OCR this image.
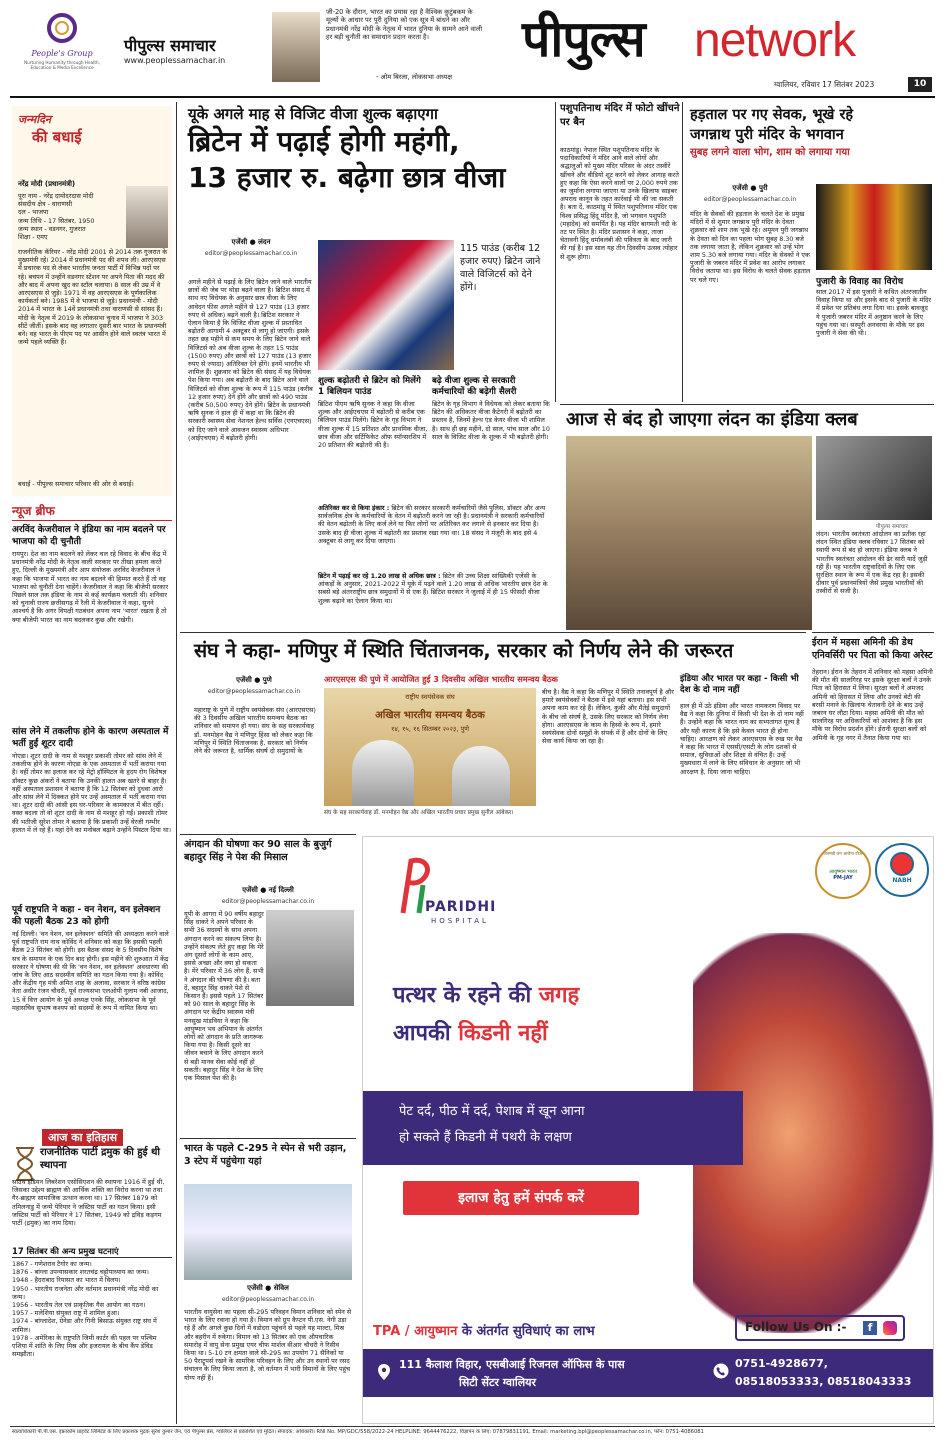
People's Group
Nurturing Humanity through Health, Education & Media Excellence
पीपुल्स समाचार
www.peoplessamachar.in
जी-20 के दौरान, भारत का प्रयास रहा है वैश्विक कुटुंबकम के मूल्यों के आधार पर पूरी दुनिया को एक सूत्र में बांधने का और प्रधानमंत्री नरेंद्र मोदी के नेतृत्व में भारत दुनिया के सामने आने वाली हर बड़ी चुनौती का समाधान प्रदान करता है।
- ओम बिरला, लोकसभा अध्यक्ष
पीपुल्स network
ग्वालियर, रविवार 17 सितंबर 2023	10
जन्मदिन
की बधाई
नरेंद्र मोदी (प्रधानमंत्री)
पूरा नाम - नरेंद्र दामोदरदास मोदी
संसदीय क्षेत्र - वाराणसी
दल - भाजपा
जन्म तिथि - 17 सितंबर, 1950
जन्म स्थान - वडनगर, गुजरात
शिक्षा - एमए
राजनीतिक कॅरियर - नरेंद्र मोदी 2001 से 2014 तक गुजरात के मुख्यमंत्री रहे। 2014 में प्रधानमंत्री पद की शपथ ली। आरएसएस में प्रचारक पद से लेकर भारतीय जनता पार्टी में विभिन्न पदों पर रहे। बचपन में उन्होंने वडनगर स्टेशन पर अपने पिता की मदद की और बाद में अपना खुद का स्टॉल चलाया। 8 साल की उम्र में वे आरएसएस से जुड़े। 1971 में वह आरएसएस के पूर्णकालिक कार्यकर्ता बने। 1985 में वे भाजपा से जुड़े। प्रधानमंत्री - मोदी 2014 में भारत के 14वें प्रधानमंत्री तथा वाराणसी से सांसद हैं। मोदी के नेतृत्व में 2019 के लोकसभा चुनाव में भाजपा ने 303 सीटें जीतीं। इसके बाद वह लगातार दूसरी बार भारत के प्रधानमंत्री बने। वह भारत के पीएम पद पर आसीन होने वाले स्वतंत्र भारत में जन्मे पहले व्यक्ति हैं।
बधाई - पीपुल्स समाचार परिवार की ओर से बधाई।
न्यूज ब्रीफ
अरविंद केजरीवाल ने इंडिया का नाम बदलने पर भाजपा को दी चुनौती
रायपुर। देश का नाम बदलने को लेकर चल रहे विवाद के बीच केंद्र में प्रधानमंत्री नरेंद्र मोदी के नेतृत्व वाली सरकार पर तीखा हमला करते हुए, दिल्ली के मुख्यमंत्री और आप संयोजक अरविंद केजरीवाल ने कहा कि भाजपा में भारत का नाम बदलने की हिम्मत करते हैं तो वह भाजपा को चुनौती देना चाहेंगे। केजरीवाल ने कहा कि बीजेपी सरकार पिछले साल तक इंडिया के नाम से कई कार्यक्रम चलाती थी। शनिवार को चुनावी राज्य छत्तीसगढ़ में रैली में केजरीवाल ने कहा, सुनने आश्चर्य है कि अगर विपक्षी गठबंधन अपना नाम 'भारत' रखता है तो क्या बीजेपी भारत का नाम बदलकर कुछ और रखेगी।
सांस लेने में तकलीफ होने के कारण अस्पताल में भर्ती हुईं शूटर दादी
नोएडा। शूटर दादी के नाम से मशहूर प्रकाशी तोमर को सांस लेने में तकलीफ होने के कारण नोएडा के एक अस्पताल में भर्ती कराया गया है। वहीं तोमर का इलाज कर रहे मेट्रो हॉस्पिटल के हृदय रोग विशेषज्ञ डॉक्टर कुछ अंकरों ने बताया कि उनकी हालत अब खतरे से बाहर है। वहीं अस्पताल प्रशासन ने बताया है कि 12 सितंबर को दुधवा आरो और सांस लेने में दिक्कत होने पर उन्हें अस्पताल में भर्ती कराया गया था। शूटर दादी की आंसी इस घर-परिवार के कामकाज में बीत रहीं। वक्त बदला तो वो शूटर दादी के नाम से मशहूर हो गईं। प्रकाशी तोमर की भतीजी सुरेश तोमर ने बताया है कि प्रकाशी उन्हें वेरजी गम्भीर हालत में ले रहे हैं। यहां देने का मनोबल बढ़ाने उन्होंने पिस्टल दिया था।
पूर्व राष्ट्रपति ने कहा - वन नेशन, वन इलेक्शन की पहली बैठक 23 को होगी
नई दिल्ली। 'वन नेशन, वन इलेक्शन' समिति की अध्यक्षता करने वाले पूर्व राष्ट्रपति राम नाथ कोविंद ने शनिवार को कहा कि इसकी पहली बैठक 23 सितंबर को होगी। इस बैठक संसद के 5 दिवसीय विशेष सत्र के समापन के एक दिन बाद होगी। इस महीने की शुरुआत में केंद्र सरकार ने घोषणा की थी कि 'वन नेशन, वन इलेक्शन' अवधारणा की जांच के लिए आठ सदस्यीय समिति का गठन किया गया है। कोविंद और केंद्रीय गृह मंत्री अमित शाह के अलावा, सरकार ने वरिष्ठ कांग्रेस नेता अधीर रंजन चौधरी, पूर्व राज्यसभा एलओपी गुलाम नबी आजाद, 15 वें वित्त आयोग के पूर्व अध्यक्ष एनके सिंह, लोकसभा के पूर्व महासचिव सुभाष कश्यप को सदस्यों के रूप में नामित किया था।
आज का इतिहास
राजनीतिक पार्टी द्रमुक की हुई थी स्थापना
साउथ इंडियन लिबरेशन एसोसिएशन की स्थापना 1916 में हुई थी, जिसका उद्देश्य ब्राह्मण की आर्थिक शक्ति का विरोध करना था तथा गैर-ब्राह्मण सामाजिक उत्थान करना था। 17 सितंबर 1879 को तमिलनाडु में जन्मे पेरियार ने जस्टिस पार्टी का गठन किया। इसी जस्टिस पार्टी को पेरियार ने 17 सितंबर, 1949 को द्रविड़ कड़गम पार्टी (द्रमुक) का नाम दिया।
17 सितंबर की अन्य प्रमुख घटनाएं
1867 - गणेशराव टैगोर का जन्म।
1876 - बांग्ला उपन्यासकार शरतचंद्र चट्टोपाध्याय का जन्म।
1948 - हैदराबाद रियासत का भारत में विलय।
1950 - भारतीय राजनेता और वर्तमान प्रधानमंत्री नरेंद्र मोदी का जन्म।
1956 - भारतीय तेल एवं प्राकृतिक गैस आयोग का गठन।
1957 - मलेशिया संयुक्त राष्ट्र में शामिल हुआ।
1974 - बांग्लादेश, ग्रेनेडा और गिनी बिसाऊ संयुक्त राष्ट्र संघ में शामिल।
1978 - अमेरिका के राष्ट्रपति जिमी कार्टर की पहल पर पश्चिम एशिया में शांति के लिए मिस्र और इजरायल के बीच कैंप डेविड समझौता।
यूके अगले माह से विजिट वीजा शुल्क बढ़ाएगा
ब्रिटेन में पढ़ाई होगी महंगी,
13 हजार रु. बढ़ेगा छात्र वीजा
एजेंसी ● लंदन
editor@peoplessamachar.co.in	115 पाउंड (करीब 12 हजार रुपए) ब्रिटेन जाने वाले विजिटर्स को देने होंगे।
अगले महीने से पढ़ाई के लिए ब्रिटेन जाने वाले भारतीय छात्रों की जेब पर थोड़ा बढ़ने वाला है। ब्रिटिश संसद में साथ नए विधेयक के अनुसार छात्र वीजा के लिए आवेदन फीस अगले महीने से 127 पाउंड (13 हजार रुपए से अधिक) बढ़ने वाली है। ब्रिटिश सरकार ने ऐलान किया है कि विजिट वीजा शुल्क में प्रस्तावित बढ़ोतरी आगामी 4 अक्टूबर से लागू हो जाएगी। इसके तहत छह महीने से कम समय के लिए ब्रिटेन जाने वाले विजिटर्स को अब वीजा शुल्क के तहत 15 पाउंड (1500 रुपए) और छात्रों को 127 पाउंड (13 हजार रुपए से ज्यादा) अतिरिक्त देने होंगे। इनमें भारतीय भी शामिल हैं। शुक्रवार को ब्रिटेन की संसद में यह विधेयक पेश किया गया। अब बढ़ोतरी के बाद ब्रिटेन आने वाले विजिटर्स को वीजा शुल्क के रूप में 115 पाउंड (करीब 12 हजार रुपए) देने होंगे और छात्रों को 490 पाउंड (करीब 50,500 रुपए) देने होंगे। ब्रिटेन के प्रधानमंत्री ऋषि सुनक ने हाल ही में कहा था कि ब्रिटेन की सरकारी स्वास्थ्य सेवा नेशनल हेल्थ सर्विस (एनएचएस) को दिए जाने वाले आवजन स्वास्थ्य अधिभार (आईएचएस) में बढ़ोतरी होगी।
शुल्क बढ़ोतरी से ब्रिटेन को मिलेंगे 1 बिलियन पाउंड
ब्रिटिश पीएम ऋषि सुनक ने कहा कि वीजा शुल्क और आईएचएस में बढ़ोतरी से करीब एक बिलियन पाउंड मिलेंगे। ब्रिटेन के गृह विभाग ने वीजा शुल्क में 15 प्रतिशत और प्राथमिक वीजा, छात्र वीजा और सर्टिफिकेट ऑफ स्पॉन्सरशिप में 20 प्रतिशत की बढ़ोतरी की है।
बढ़े वीजा शुल्क से सरकारी कर्मचारियों की बढ़ेगी सैलरी
ब्रिटेन के गृह विभाग ने विधेयक को लेकर बताया कि ब्रिटेन की अधिकतर वीजा कैटेगरी में बढ़ोतरी का प्रस्ताव है, जिनमें हेल्थ एंड केयर वीजा भी शामिल है। साथ ही छह महीने, दो साल, पांच साल और 10 साल के विजिट वीजा के शुल्क में भी बढ़ोतरी होगी।
अतिरिक्त कर से किया इंकार : ब्रिटेन की सरकार सरकारी कर्मचारियों जैसे पुलिस, डॉक्टर और अन्य सार्वजनिक क्षेत्र के कर्मचारियों के वेतन में बढ़ोतरी करने जा रही है। प्रधानमंत्री ने सरकारी कर्मचारियों की वेतन बढ़ोतरी के लिए कर्ज लेने या फिर लोगों पर अतिरिक्त कर लगाने से इनकार कर दिया है। उसके बाद ही वीजा शुल्क में बढ़ोतरी का प्रस्ताव रखा गया था। 18 संसद ने मंजूरी के बाद इसे 4 अक्टूबर से लागू कर दिया जाएगा।
ब्रिटेन में पढ़ाई कर रहे 1.20 लाख से अधिक छात्र : ब्रिटेन की उच्च शिक्षा सांख्यिकी एजेंसी के आंकड़ों के अनुसार, 2021-2022 में यूके में पढ़ने वाले 1.20 लाख से अधिक भारतीय छात्र देश के सबसे बड़े अंतरराष्ट्रीय छात्र समुदायों में से एक हैं। ब्रिटिश सरकार ने जुलाई में ही 15 फीसदी वीजा शुल्क बढ़ाने का ऐलान किया था।
पशुपतिनाथ मंदिर में फोटो खींचने पर बैन
काठमांडू। नेपाल स्थित पशुपतिनाथ मंदिर के पदाधिकारियों ने मंदिर आने वाले लोगों और श्रद्धालुओं को मुख्य मंदिर परिसर के अंदर तस्वीरें खींचने और वीडियो शूट करने को लेकर आगाह करते हुए कहा कि ऐसा करने वालों पर 2,000 रुपये तक का जुर्माना लगाया जाएगा या उनके खिलाफ साइबर अपराध कानून के तहत कार्रवाई भी की जा सकती है। बता दें, काठमांडू में स्थित पशुपतिनाथ मंदिर एक विश्व प्रसिद्ध हिंदू मंदिर है, जो भगवान पशुपति (महादेव) को समर्पित है। यह मंदिर बागमती नदी के तट पर स्थित है। मंदिर प्रशासन ने कहा, ताजा चेतावनी हिंदू धर्मावलंबी की पवित्रता के बाद जारी की गई है। इस साल यह तीन दिवसीय उत्सव त्योहार से शुरू होगा।
हड़ताल पर गए सेवक, भूखे रहे
जगन्नाथ पुरी मंदिर के भगवान
सुबह लगने वाला भोग, शाम को लगाया गया
एजेंसी ● पुरी
editor@peoplessamachar.co.in
मंदिर के सेवकों की हड़ताल के चलते देश के प्रमुख मंदिरों में से शुमार जगन्नाथ पुरी मंदिर के देवता शुक्रवार को शाम तक भूखे रहे। अमूमन पुरी जगन्नाथ के देवता को दिन का पहला भोग सुबह 8.30 बजे तक लगाया जाता है, लेकिन शुक्रवार को उन्हें भोग शाम 5.30 बजे लगाया गया। मंदिर के सेवकों ने एक पुजारी के जबरन मंदिर में प्रवेश का आरोप लगाकर विरोध जताया था। इस विरोध के चलते सेवक हड़ताल पर चले गए।	पुजारी के विवाह का विरोध
साल 2017 में इस पुजारी ने कथित अंतरजातीय विवाह किया था और इसके बाद से पुजारी के मंदिर में प्रवेश पर प्रतिबंध लगा दिया था। इसके बावजूद ये पुजारी जबरन मंदिर में अनुष्ठान करने के लिए पहुंच गया था। सस्पुरी अनवरया के मौके पर इस पुजारी ने सेवा की थी।
आज से बंद हो जाएगा लंदन का इंडिया क्लब
पीपुल्स समाचार
लंदन। भारतीय स्वतंत्रता आंदोलन का प्रतीक रहा लंदन स्थित इंडिया क्लब रविवार 17 सितंबर को स्थायी रूप से बंद हो जाएगा। इंडिया क्लब ने भारतीय स्वतंत्रता आंदोलन की ढेर सारी यादें जुड़ी रही हैं। यह भारतीय राष्ट्रवादियों के लिए एक सुरक्षित स्थान के रूप में एक केंद्र रहा है। इसकी दीवार पूर्व प्रधानमंत्रियों जैसे प्रमुख भारतीयों की तस्वीरों से सजी है।
संघ ने कहा- मणिपुर में स्थिति चिंताजनक, सरकार को निर्णय लेने की जरूरत
एजेंसी ● पुणे
editor@peoplessamachar.co.in
महाराष्ट्र के पुणे में राष्ट्रीय स्वयंसेवक संघ (आरएसएस) की 3 दिवसीय अखिल भारतीय समन्वय बैठक का शनिवार को समापन हो गया। संघ के सह सरकार्यवाह डॉ. मनमोहन वैद्य ने मणिपुर हिंसा को लेकर कहा कि मणिपुर में स्थिति चिंताजनक है, सरकार को निर्णय लेने की जरूरत है, धार्मिक संघर्ष दो समुदायों के
आरएसएस की पुणे में आयोजित हुई 3 दिवसीय अखिल भारतीय समन्वय बैठक
राष्ट्रीय स्वयंसेवक संघ
अखिल भारतीय समन्वय बैठक
१४, १५, १६ सितम्बर २०२३, पुणे
संघ के सह सरकार्यवाह डॉ. मनमोहन वैद्य और अखिल भारतीय प्रचार प्रमुख सुनील आंबेकर।
बीच है। वैद्य ने कहा कि मणिपुर में स्थिति तनावपूर्ण है और हमारे स्वयंसेवकों ने बैठक में इसे यहां बताया। इस सभी अपना काम कर रहे हैं। लेकिन, कुकी और मैतेई समुदायों के बीच जो संघर्ष है, उसके लिए सरकार को निर्णय लेना होगा। आरएसएस के काम के हिस्से के रूप में, हमारे स्वयंसेवक दोनों समूहों के संपर्क में हैं और दोनों के लिए सेवा कार्य किया जा रहा है।
इंडिया और भारत पर कहा - किसी भी देश के दो नाम नहीं
हाल ही में उठे इंडिया और भारत नामकरण विवाद पर वैद्य ने कहा कि दुनिया में किसी भी देश के दो नाम नहीं हैं। उन्होंने कहा कि भारत नाम का सभ्यतागत मूल्य है और यही कारण है कि इसे केवल भारत ही होना चाहिए। आरक्षण को लेकर आरएसएस के रुख पर वैद्य ने कहा कि भारत में एससी/एसटी के लोग दशकों से समाज, सुविधाओं और शिक्षा से वंचित हैं। उन्हें मुख्यधारा में लाने के लिए संविधान के अनुसार जो भी आरक्षण है, दिया जाना चाहिए।
ईरान में महसा अमिनी की डेथ एनिवर्सिरी पर पिता को किया अरेस्ट
तेहरान। ईरान के तेहरान में शनिवार को महसा अमिनी की मौत की सालगिरह पर इसके सुरक्षा बलों ने उनके पिता को हिरासत में लिया। सुरक्षा बलों ने अमजद अमिनी को हिरासत में लिया और उनको बेटी की बरसी मनाने के खिलाफ चेतावनी देने के बाद उन्हें जबरन घर लौटा दिया। महसा अमिनी की मौत को सालगिरह पर अधिकारियों को आशंका है कि इस मौके पर विरोध प्रदर्शन होंगे। ईरानी सुरक्षा बलों को अमिनी के गृह नगर में तैनात किया गया था।
अंगदान की घोषणा कर 90 साल के बुजुर्ग बहादुर सिंह ने पेश की मिसाल
एजेंसी ● नई दिल्ली
editor@peoplessamachar.co.in
यूपी के आगरा में 90 वर्षीय बहादुर सिंह धाकरे ने अपने परिवार के सभी 36 सदस्यों के साथ अपना अंगदान करने का संकल्प लिया है। उन्होंने संकल्प लेते हुए कहा कि मेरे अंग दूसरों लोगों के काम आए, इससे अच्छा और क्या हो सकता है। मेरे परिवार में 36 लोग हैं, सभी ने अंगदान की घोषणा की है। बता दें, बहादुर सिंह धाकरे पेशे से किसान हैं। इससे पहले 17 सितंबर को 90 साल के बहादुर सिंह के अंगदान पर केंद्रीय स्वास्थ्य मंत्री मनसुख मांडविया ने कहा कि आयुष्मान भव अभियान के अंतर्गत लोगों को अंगदान के प्रति जागरूक किया गया है। किसी दूसरे का जीवन बचाने के लिए अंगदान करने से बड़ी मानव सेवा कोई नहीं हो सकती। बहादुर सिंह ने देश के लिए एक मिसाल पेश की है।
भारत के पहले C-295 ने स्पेन से भरी उड़ान, 3 स्टेप में पहुंचेगा यहां
एजेंसी ● सेविल
editor@peoplessamachar.co.in
भारतीय वायुसेना का पहला सी-295 परिवहन विमान शनिवार को स्पेन से भारत के लिए रवाना हो गया है। विमान को ग्रुप कैप्टन पी.एस. नेगी उड़ा रहे हैं और अगले कुछ दिनों में वडोदरा पहुंचने से पहले यह माल्टा, मिस्र और बहरीन में रुकेगा। विमान को 13 सितंबर को एक औपचारिक समारोह में वायु सेना प्रमुख एयर चीफ मार्शल वीआर चौधरी ने रिसीव किया था। 5-10 टन क्षमता वाले सी-295 का उपयोग 71 सैनिकों या 50 पैराट्रूपर्स रखने के सामरिक परिवहन के लिए और उन स्थानों पर रसद संचालन के लिए किया जाता है, जो वर्तमान में भारी विमानों के लिए पहुंच योग्य नहीं हैं।
PARIDHI
HOSPITAL
प्रधानमंत्री जन आरोग्य योजना
आयुष्मान भारत
PM-JAY	NABH
पत्थर के रहने की जगह
आपकी किडनी नहीं
पेट दर्द, पीठ में दर्द, पेशाब में खून आना
हो सकते हैं किडनी में पथरी के लक्षण
इलाज हेतु हमें संपर्क करें
TPA / आयुष्मान के अंतर्गत सुविधाएं का लाभ	Follow Us On :-	f
111 कैलाश विहार, एसबीआई रिजनल ऑफिस के पास
सिटी सेंटर ग्वालियर
0751-4928677,
08518053333, 08518043333
स्वत्वाधिकारी पी.पी.एस. इंफ्राकॉम प्राइवेट लिमिटेड के लिए प्रकाशक मुद्रक सुरेश कुमार जैन, एवं पीपुल्स प्रेस, ग्वालियर से प्रकाशित एवं मुद्रित। संपादक: अधिकारी। RNI No. MP/GDC/558/2022-24 HELPLINE: 9644476222, विज्ञापन के लिए: 07879831191, Email: marketing.bpl@peoplessamachar.co.in, फोन: 0751-4086081
